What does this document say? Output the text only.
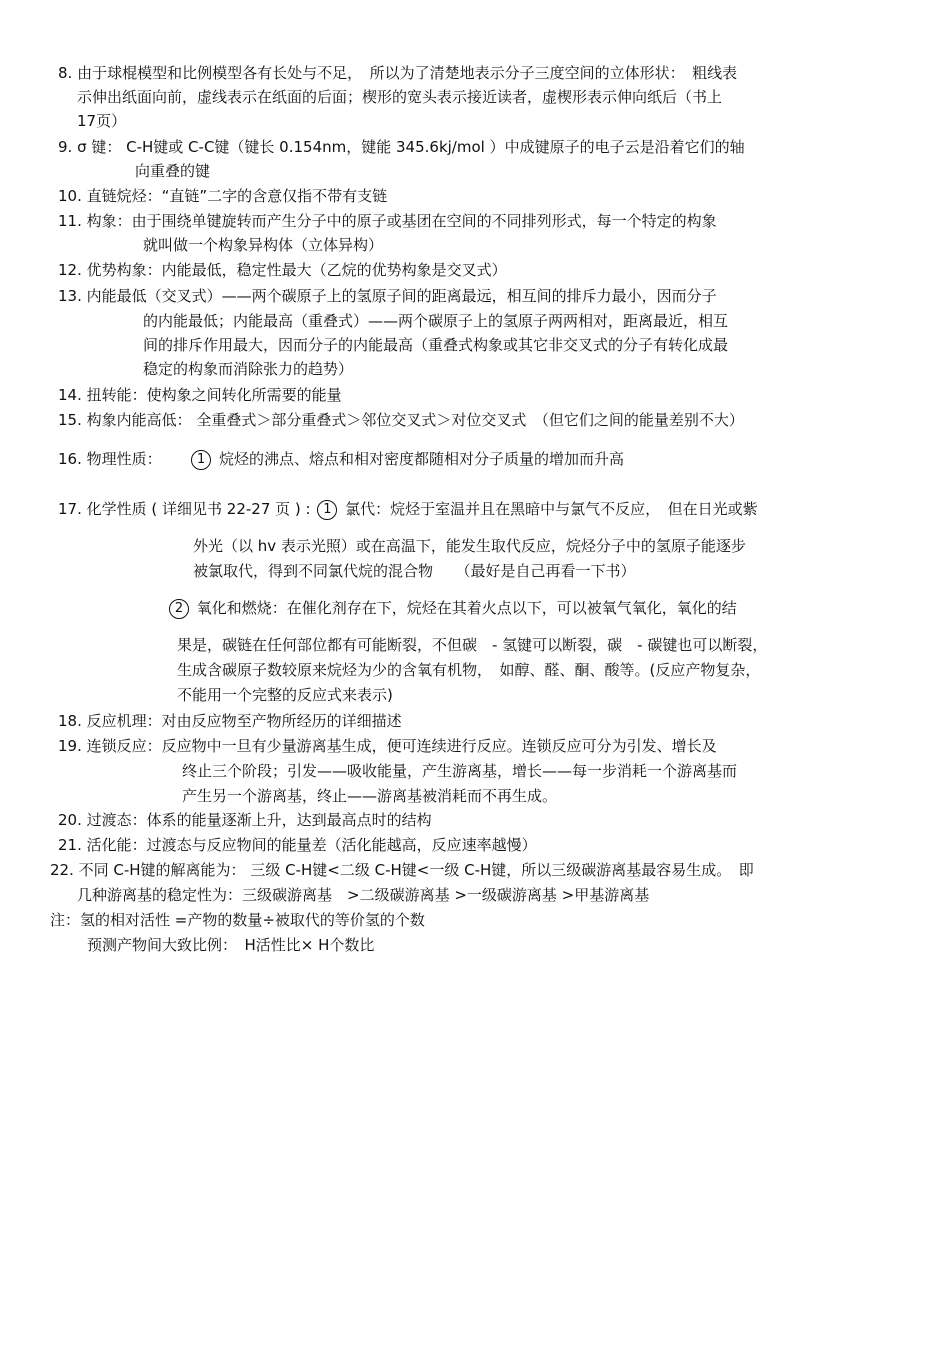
8. 由于球棍模型和比例模型各有长处与不足，　所以为了清楚地表示分子三度空间的立体形状：　粗线表
示伸出纸面向前，虚线表示在纸面的后面；楔形的宽头表示接近读者，虚楔形表示伸向纸后（书上
17页）
9. σ 键： C-H键或 C-C键（键长 0.154nm，键能 345.6kj/mol ）中成键原子的电子云是沿着它们的轴
向重叠的键
10. 直链烷烃：“直链”二字的含意仅指不带有支链
11. 构象：由于围绕单键旋转而产生分子中的原子或基团在空间的不同排列形式，每一个特定的构象
就叫做一个构象异构体（立体异构）
12. 优势构象：内能最低，稳定性最大（乙烷的优势构象是交叉式）
13. 内能最低（交叉式）——两个碳原子上的氢原子间的距离最远，相互间的排斥力最小，因而分子
的内能最低；内能最高（重叠式）——两个碳原子上的氢原子两两相对，距离最近，相互
间的排斥作用最大，因而分子的内能最高（重叠式构象或其它非交叉式的分子有转化成最
稳定的构象而消除张力的趋势）
14. 扭转能：使构象之间转化所需要的能量
15. 构象内能高低： 全重叠式＞部分重叠式＞邻位交叉式＞对位交叉式　（但它们之间的能量差别不大）
16. 物理性质：	1 烷烃的沸点、熔点和相对密度都随相对分子质量的增加而升高
17. 化学性质 ( 详细见书 22-27 页 ) : 1 氯代：烷烃于室温并且在黑暗中与氯气不反应，　但在日光或紫
外光（以 hv 表示光照）或在高温下，能发生取代反应，烷烃分子中的氢原子能逐步
被氯取代，得到不同氯代烷的混合物　　（最好是自己再看一下书）
2 氧化和燃烧：在催化剂存在下，烷烃在其着火点以下，可以被氧气氧化，氧化的结
果是，碳链在任何部位都有可能断裂，不但碳　- 氢键可以断裂，碳　- 碳键也可以断裂，
生成含碳原子数较原来烷烃为少的含氧有机物，　如醇、醛、酮、酸等。(反应产物复杂，
不能用一个完整的反应式来表示)
18. 反应机理：对由反应物至产物所经历的详细描述
19. 连锁反应：反应物中一旦有少量游离基生成，便可连续进行反应。连锁反应可分为引发、增长及
终止三个阶段；引发——吸收能量，产生游离基，增长——每一步消耗一个游离基而
产生另一个游离基，终止——游离基被消耗而不再生成。
20. 过渡态：体系的能量逐渐上升，达到最高点时的结构
21. 活化能：过渡态与反应物间的能量差（活化能越高，反应速率越慢）
22. 不同 C-H键的解离能为： 三级 C-H键<二级 C-H键<一级 C-H键，所以三级碳游离基最容易生成。　即
几种游离基的稳定性为：三级碳游离基　>二级碳游离基 >一级碳游离基 >甲基游离基
注：氢的相对活性 =产物的数量÷被取代的等价氢的个数
预测产物间大致比例：　H活性比× H个数比
